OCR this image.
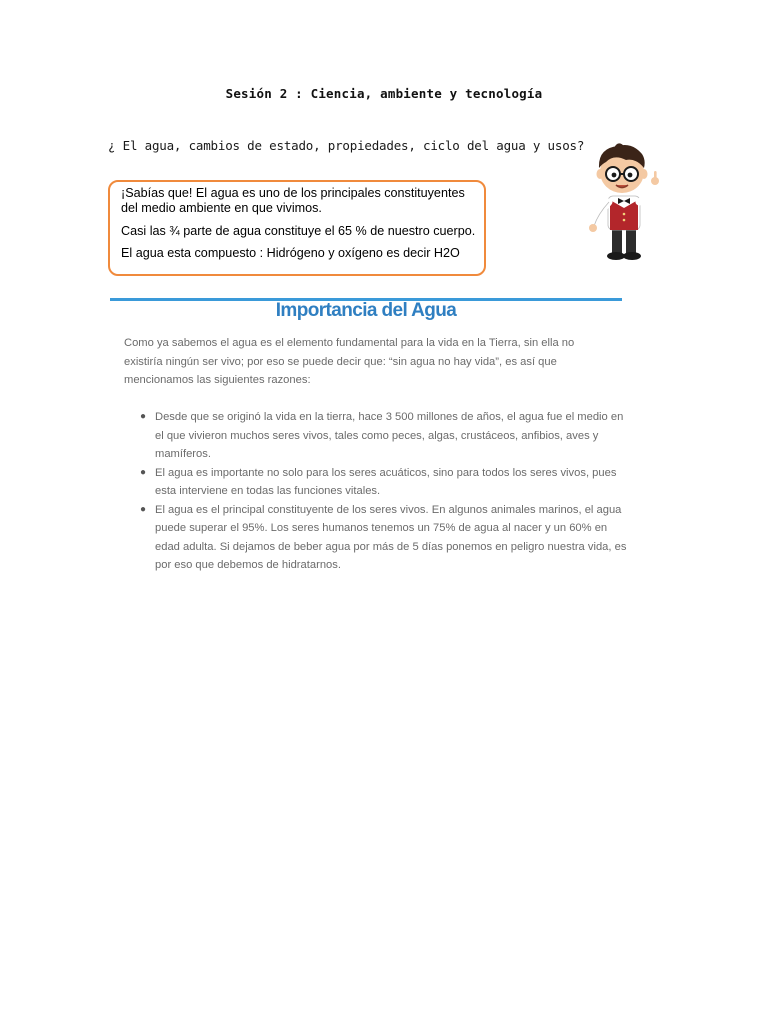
Sesión 2 : Ciencia, ambiente y tecnología
¿ El agua, cambios de estado, propiedades, ciclo del agua y usos?

¡Sabías que! El agua es uno de los principales constituyentes del medio ambiente en que vivimos.

Casi las ¾ parte de agua constituye el 65 % de nuestro cuerpo.

El agua esta compuesto : Hidrógeno y oxígeno es decir H2O

Importancia del Agua

Como ya sabemos el agua es el elemento fundamental para la vida en la Tierra, sin ella no existiría ningún ser vivo; por eso se puede decir que: “sin agua no hay vida”, es así que mencionamos las siguientes razones:

● Desde que se originó la vida en la tierra, hace 3 500 millones de años, el agua fue el medio en el que vivieron muchos seres vivos, tales como peces, algas, crustáceos, anfibios, aves y mamíferos.
● El agua es importante no solo para los seres acuáticos, sino para todos los seres vivos, pues esta interviene en todas las funciones vitales.
● El agua es el principal constituyente de los seres vivos. En algunos animales marinos, el agua puede superar el 95%. Los seres humanos tenemos un 75% de agua al nacer y un 60% en edad adulta. Si dejamos de beber agua por más de 5 días ponemos en peligro nuestra vida, es por eso que debemos de hidratarnos.
